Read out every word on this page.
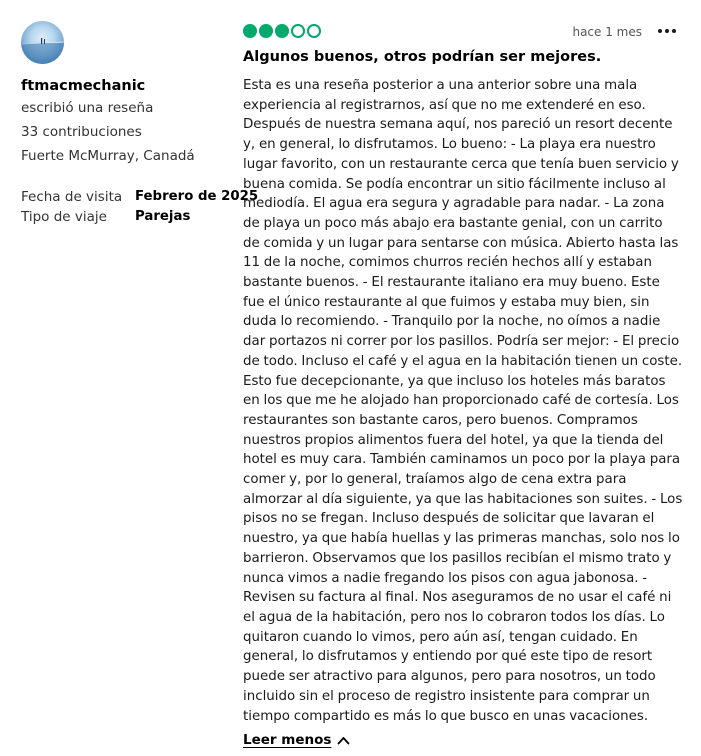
ftmacmechanic
escribió una reseña
33 contribuciones
Fuerte McMurray, Canadá
Fecha de visita Febrero de 2025
Tipo de viaje Parejas
hace 1 mes
Algunos buenos, otros podrían ser mejores.
Esta es una reseña posterior a una anterior sobre una mala experiencia al registrarnos, así que no me extenderé en eso. Después de nuestra semana aquí, nos pareció un resort decente y, en general, lo disfrutamos. Lo bueno: - La playa era nuestro lugar favorito, con un restaurante cerca que tenía buen servicio y buena comida. Se podía encontrar un sitio fácilmente incluso al mediodía. El agua era segura y agradable para nadar. - La zona de playa un poco más abajo era bastante genial, con un carrito de comida y un lugar para sentarse con música. Abierto hasta las 11 de la noche, comimos churros recién hechos allí y estaban bastante buenos. - El restaurante italiano era muy bueno. Este fue el único restaurante al que fuimos y estaba muy bien, sin duda lo recomiendo. - Tranquilo por la noche, no oímos a nadie dar portazos ni correr por los pasillos. Podría ser mejor: - El precio de todo. Incluso el café y el agua en la habitación tienen un coste. Esto fue decepcionante, ya que incluso los hoteles más baratos en los que me he alojado han proporcionado café de cortesía. Los restaurantes son bastante caros, pero buenos. Compramos nuestros propios alimentos fuera del hotel, ya que la tienda del hotel es muy cara. También caminamos un poco por la playa para comer y, por lo general, traíamos algo de cena extra para almorzar al día siguiente, ya que las habitaciones son suites. - Los pisos no se fregan. Incluso después de solicitar que lavaran el nuestro, ya que había huellas y las primeras manchas, solo nos lo barrieron. Observamos que los pasillos recibían el mismo trato y nunca vimos a nadie fregando los pisos con agua jabonosa. - Revisen su factura al final. Nos aseguramos de no usar el café ni el agua de la habitación, pero nos lo cobraron todos los días. Lo quitaron cuando lo vimos, pero aún así, tengan cuidado. En general, lo disfrutamos y entiendo por qué este tipo de resort puede ser atractivo para algunos, pero para nosotros, un todo incluido sin el proceso de registro insistente para comprar un tiempo compartido es más lo que busco en unas vacaciones.
Leer menos
